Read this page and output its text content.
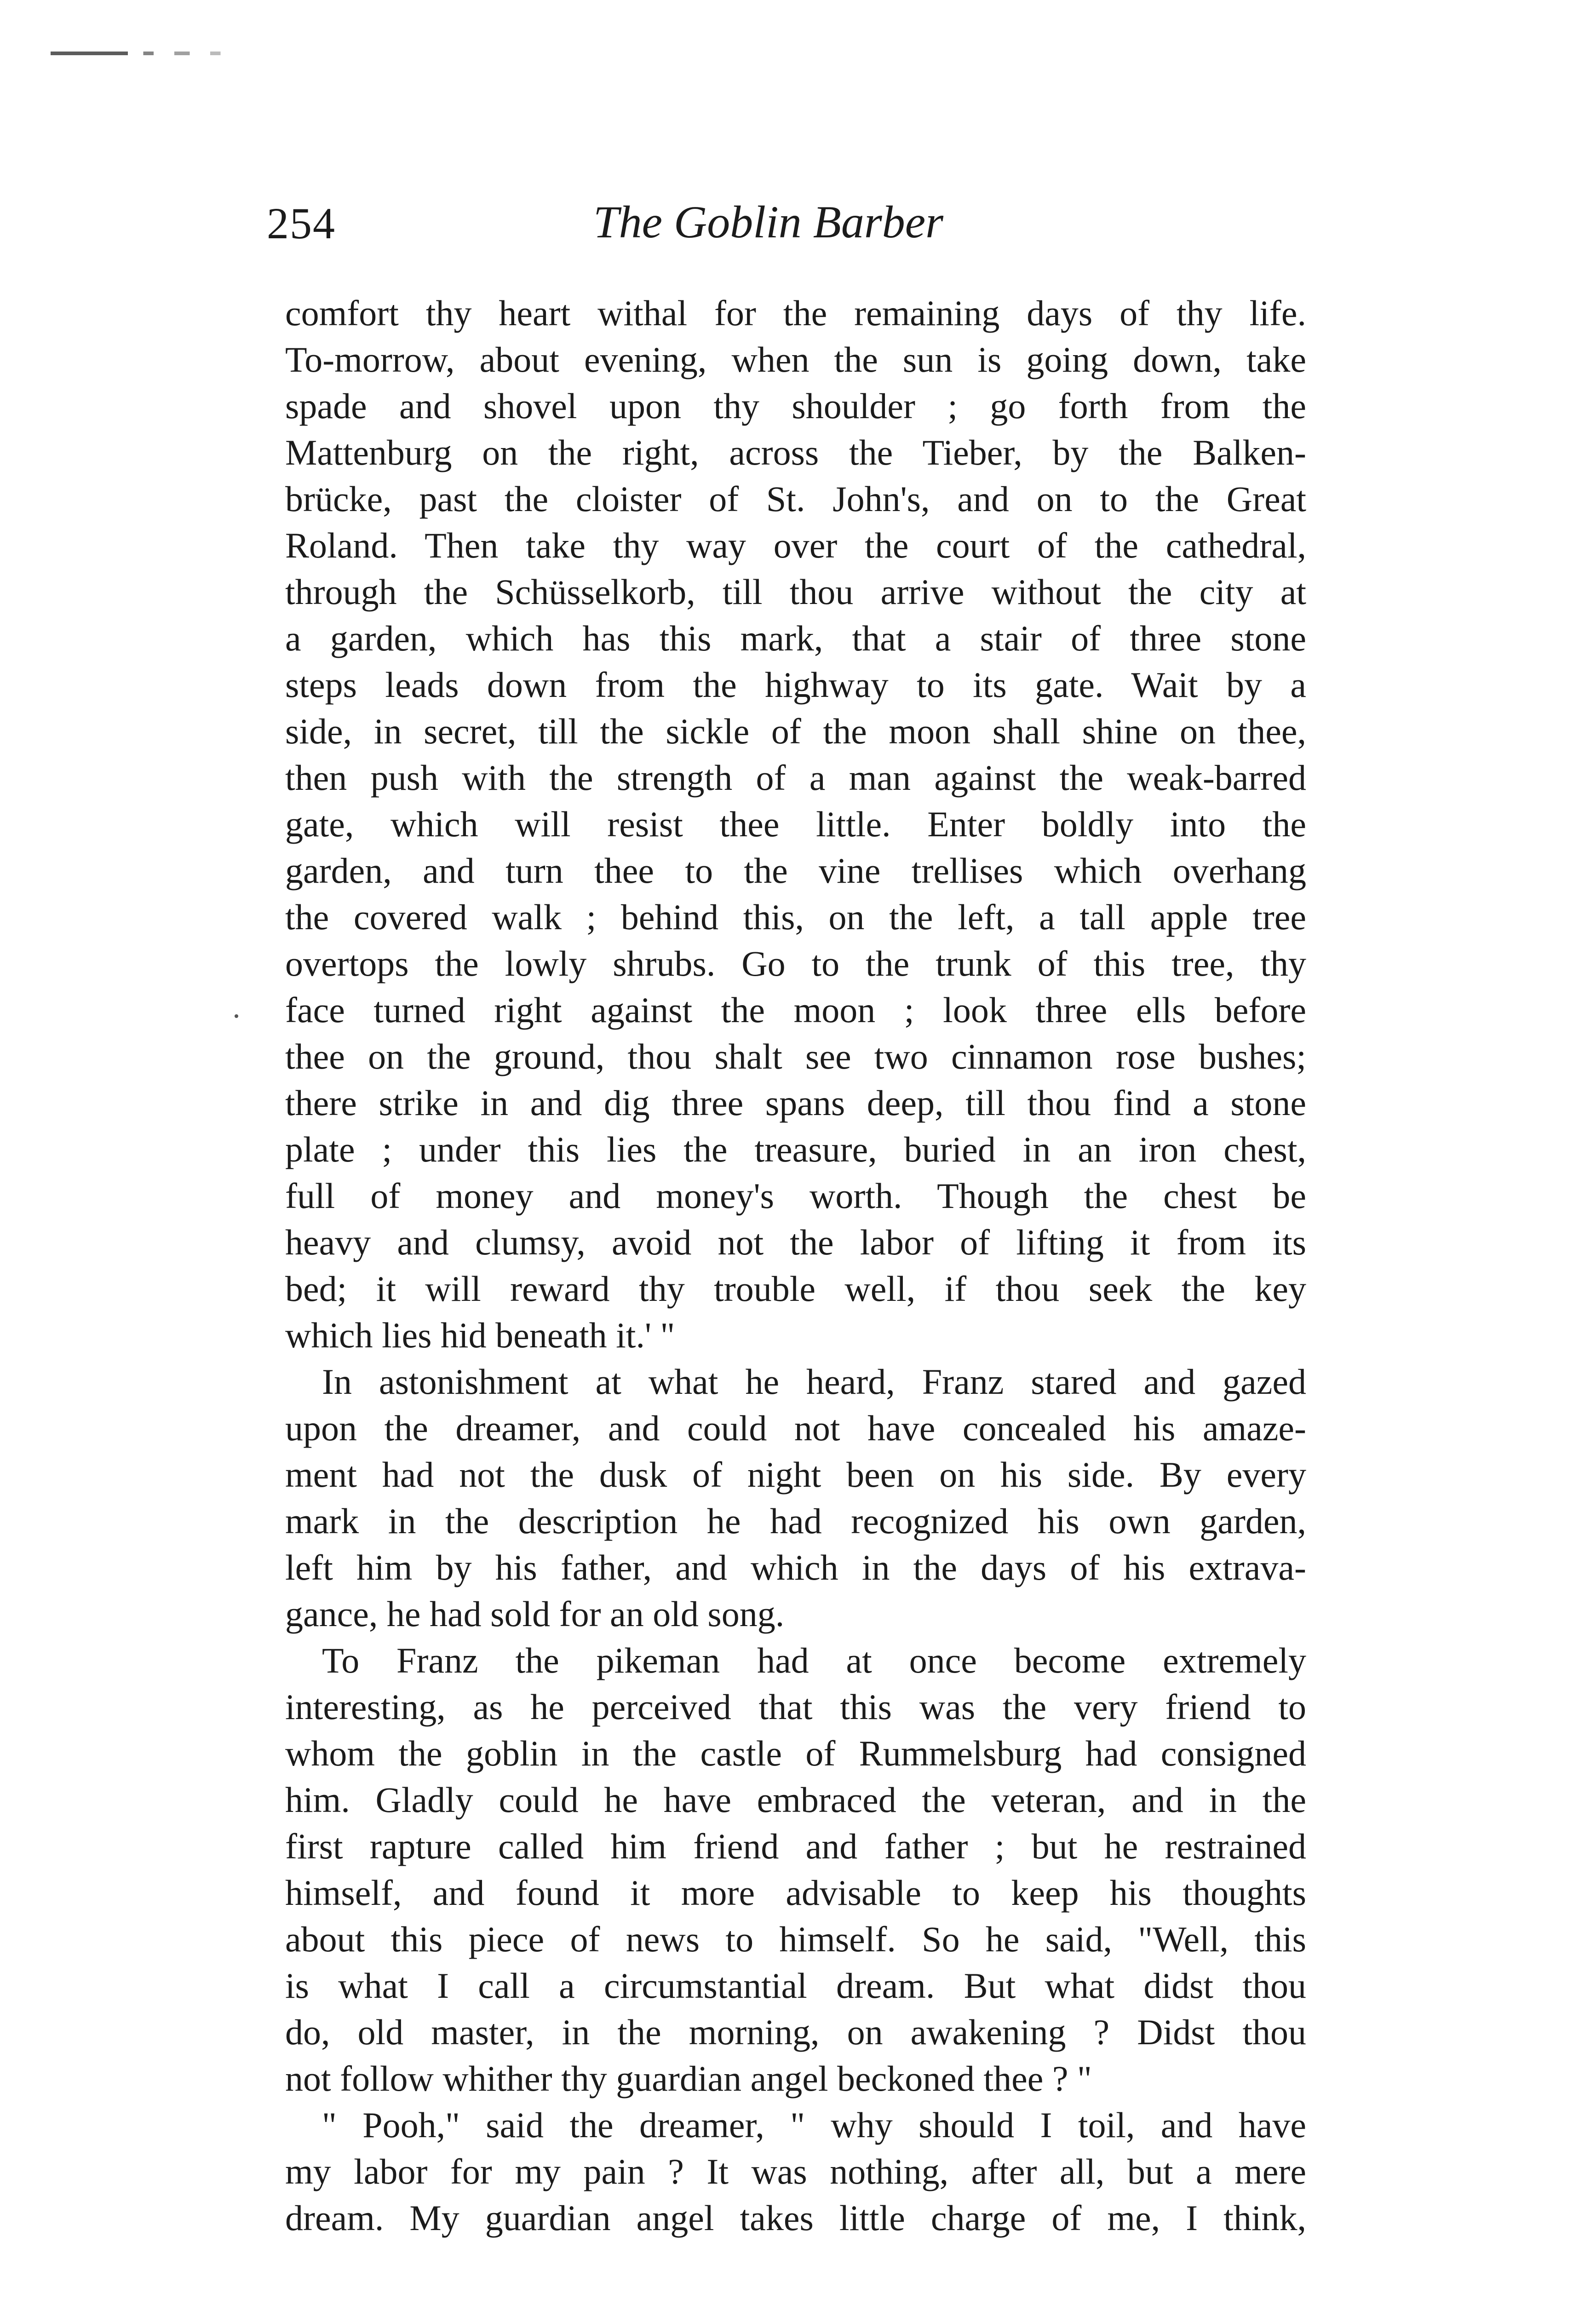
254	The Goblin Barber
comfort thy heart withal for the remaining days of thy life.
To-morrow, about evening, when the sun is going down, take
spade and shovel upon thy shoulder ; go forth from the
Mattenburg on the right, across the Tieber, by the Balken-
brücke, past the cloister of St. John's, and on to the Great
Roland. Then take thy way over the court of the cathedral,
through the Schüsselkorb, till thou arrive without the city at
a garden, which has this mark, that a stair of three stone
steps leads down from the highway to its gate. Wait by a
side, in secret, till the sickle of the moon shall shine on thee,
then push with the strength of a man against the weak-barred
gate, which will resist thee little. Enter boldly into the
garden, and turn thee to the vine trellises which overhang
the covered walk ; behind this, on the left, a tall apple tree
overtops the lowly shrubs. Go to the trunk of this tree, thy
face turned right against the moon ; look three ells before
thee on the ground, thou shalt see two cinnamon rose bushes;
there strike in and dig three spans deep, till thou find a stone
plate ; under this lies the treasure, buried in an iron chest,
full of money and money's worth. Though the chest be
heavy and clumsy, avoid not the labor of lifting it from its
bed; it will reward thy trouble well, if thou seek the key
which lies hid beneath it.' "
In astonishment at what he heard, Franz stared and gazed
upon the dreamer, and could not have concealed his amaze-
ment had not the dusk of night been on his side. By every
mark in the description he had recognized his own garden,
left him by his father, and which in the days of his extrava-
gance, he had sold for an old song.
To Franz the pikeman had at once become extremely
interesting, as he perceived that this was the very friend to
whom the goblin in the castle of Rummelsburg had consigned
him. Gladly could he have embraced the veteran, and in the
first rapture called him friend and father ; but he restrained
himself, and found it more advisable to keep his thoughts
about this piece of news to himself. So he said, "Well, this
is what I call a circumstantial dream. But what didst thou
do, old master, in the morning, on awakening ? Didst thou
not follow whither thy guardian angel beckoned thee ? "
" Pooh," said the dreamer, " why should I toil, and have
my labor for my pain ? It was nothing, after all, but a mere
dream. My guardian angel takes little charge of me, I think,
